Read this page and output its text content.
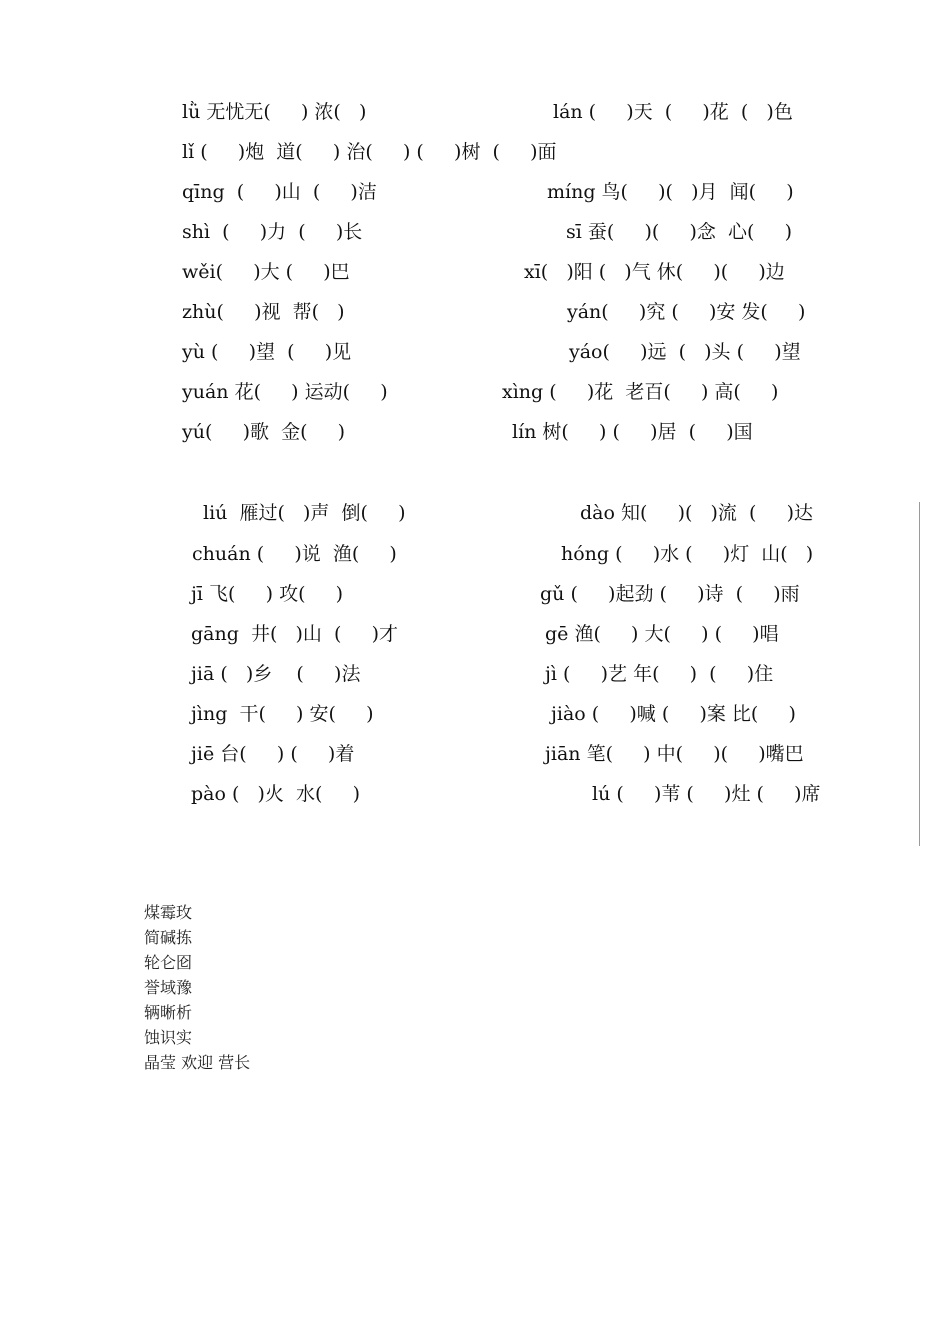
lǜ 无忧无(     ) 浓(   )

	lán (     )天  (     )花  (   )色

lǐ (     )炮  道(     ) 治(     ) (     )树  (     )面

qīng  (     )山  (     )洁

	míng 鸟(     )(   )月  闻(     )

shì  (     )力  (     )长

	sī 蚕(     )(     )念  心(     )

wěi(     )大 (     )巴

	xī(   )阳 (   )气 休(     )(     )边

zhù(     )视  帮(   )

	yán(     )究 (     )安 发(     )

yù (     )望  (     )见

	yáo(     )远  (   )头 (     )望

yuán 花(     ) 运动(     )

	xìng (     )花  老百(     ) 高(     )

yú(     )歌  金(     )

	lín 树(     ) (     )居  (     )国

liú  雁过(   )声  倒(     )

	dào 知(     )(   )流  (     )达

chuán (     )说  渔(     )

	hóng (     )水 (     )灯  山(   )

jī 飞(     ) 攻(     )

	gǔ (     )起劲 (     )诗  (     )雨

gāng  井(   )山  (     )才

	gē 渔(     ) 大(     ) (     )唱

jiā (   )乡    (     )法

	jì (     )艺 年(     )  (     )住

jìng  干(     ) 安(     )

	jiào (     )喊 (     )案 比(     )

jiē 台(     ) (     )着

	jiān 笔(     ) 中(     )(     )嘴巴

pào (   )火  水(     )

	lú (     )苇 (     )灶 (     )席

煤霉玫
简碱拣
轮仑囵
誉域豫
辆晰析
蚀识实
晶莹 欢迎 营长
